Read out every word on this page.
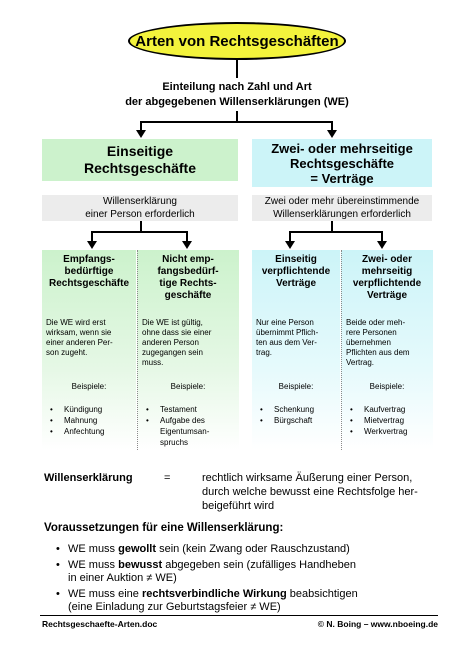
Arten von Rechtsgeschäften
Einteilung nach Zahl und Art
der abgegebenen Willenserklärungen (WE)
Einseitige
Rechtsgeschäfte
Zwei- oder mehrseitige
Rechtsgeschäfte
= Verträge
Willenserklärung
einer Person erforderlich
Zwei oder mehr übereinstimmende
Willenserklärungen erforderlich
Empfangs-
bedürftige
Rechtsgeschäfte
Die WE wird erst
wirksam, wenn sie
einer anderen Per-
son zugeht.
Beispiele:
• Kündigung
• Mahnung
• Anfechtung
Nicht emp-
fangsbedürf-
tige Rechts-
geschäfte
Die WE ist gültig,
ohne dass sie einer
anderen Person
zugegangen sein
muss.
Beispiele:
• Testament
• Aufgabe des
Eigentumsan-
spruchs
Einseitig
verpflichtende
Verträge
Nur eine Person
übernimmt Pflich-
ten aus dem Ver-
trag.
Beispiele:
• Schenkung
• Bürgschaft
Zwei- oder
mehrseitig
verpflichtende
Verträge
Beide oder meh-
rere Personen
übernehmen
Pflichten aus dem
Vertrag.
Beispiele:
• Kaufvertrag
• Mietvertrag
• Werkvertrag
Willenserklärung	=	rechtlich wirksame Äußerung einer Person,
durch welche bewusst eine Rechtsfolge her-
beigeführt wird
Voraussetzungen für eine Willenserklärung:
• WE muss gewollt sein (kein Zwang oder Rauschzustand)
• WE muss bewusst abgegeben sein (zufälliges Handheben
in einer Auktion ≠ WE)
• WE muss eine rechtsverbindliche Wirkung beabsichtigen
(eine Einladung zur Geburtstagsfeier ≠ WE)
Rechtsgeschaefte-Arten.doc	© N. Boing – www.nboeing.de
